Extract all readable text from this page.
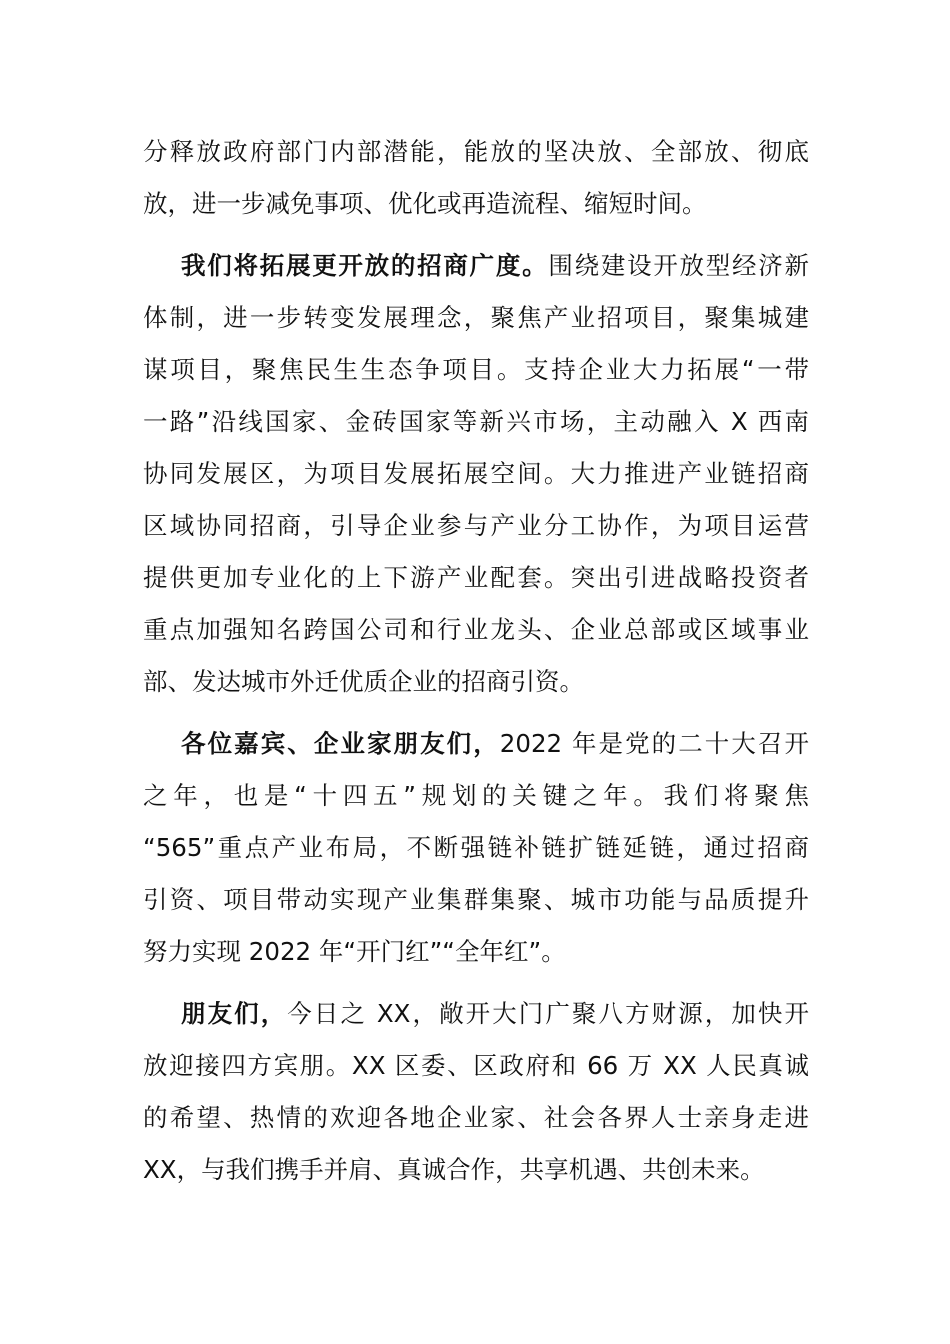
分释放政府部门内部潜能，能放的坚决放、全部放、彻底
放，进一步减免事项、优化或再造流程、缩短时间。
我们将拓展更开放的招商广度。围绕建设开放型经济新
体制，进一步转变发展理念，聚焦产业招项目，聚集城建
谋项目，聚焦民生生态争项目。支持企业大力拓展“一带
一路”沿线国家、金砖国家等新兴市场，主动融入 X 西南
协同发展区，为项目发展拓展空间。大力推进产业链招商
区域协同招商，引导企业参与产业分工协作，为项目运营
提供更加专业化的上下游产业配套。突出引进战略投资者
重点加强知名跨国公司和行业龙头、企业总部或区域事业
部、发达城市外迁优质企业的招商引资。
各位嘉宾、企业家朋友们，2022 年是党的二十大召开
之年，也是“十四五”规划的关键之年。我们将聚焦
“565”重点产业布局，不断强链补链扩链延链，通过招商
引资、项目带动实现产业集群集聚、城市功能与品质提升
努力实现 2022 年“开门红”“全年红”。
朋友们，今日之 XX，敞开大门广聚八方财源，加快开
放迎接四方宾朋。XX 区委、区政府和 66 万 XX 人民真诚
的希望、热情的欢迎各地企业家、社会各界人士亲身走进
XX，与我们携手并肩、真诚合作，共享机遇、共创未来。
